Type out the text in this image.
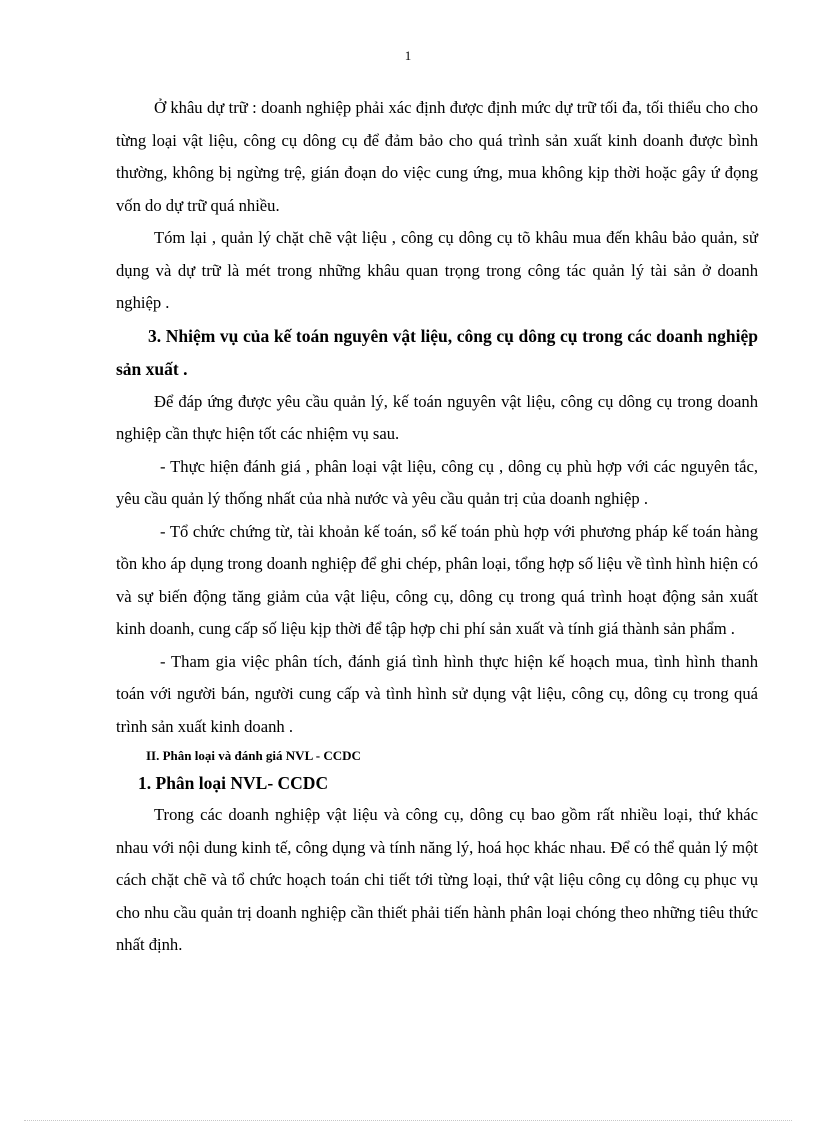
1

Ở khâu dự trữ : doanh nghiệp phải xác định được định mức dự trữ tối đa, tối thiểu cho cho từng loại vật liệu, công cụ dông cụ để đảm bảo cho quá trình sản xuất kinh doanh được bình thường, không bị ngừng trệ, gián đoạn do việc cung ứng, mua không kịp thời hoặc gây ứ đọng vốn do dự trữ quá nhiều.

Tóm lại , quản lý chặt chẽ vật liệu , công cụ dông cụ tõ khâu mua đến khâu bảo quản, sử dụng và dự trữ là mét trong những khâu quan trọng trong công tác quản lý tài sản ở doanh nghiệp .

3. Nhiệm vụ của kế toán nguyên vật liệu, công cụ dông cụ trong các doanh nghiệp sản xuất .

Để đáp ứng được yêu cầu quản lý, kế toán nguyên vật liệu, công cụ dông cụ trong doanh nghiệp cần thực hiện tốt các nhiệm vụ sau.

- Thực hiện đánh giá , phân loại vật liệu, công cụ , dông cụ phù hợp với các nguyên tắc, yêu cầu quản lý thống nhất của nhà nước và yêu cầu quản trị của doanh nghiệp .

- Tổ chức chứng từ, tài khoản kế toán, sổ kế toán phù hợp với phương pháp kế toán hàng tồn kho áp dụng trong doanh nghiệp để ghi chép, phân loại, tổng hợp số liệu về tình hình hiện có và sự biến động tăng giảm của vật liệu, công cụ, dông cụ trong quá trình hoạt động sản xuất kinh doanh, cung cấp số liệu kịp thời để tập hợp chi phí sản xuất và tính giá thành sản phẩm .

- Tham gia việc phân tích, đánh giá tình hình thực hiện kế hoạch mua, tình hình thanh toán với người bán, người cung cấp và tình hình sử dụng vật liệu, công cụ, dông cụ trong quá trình sản xuất kinh doanh .

II. Phân loại và đánh giá NVL - CCDC

1. Phân loại NVL- CCDC

Trong các doanh nghiệp vật liệu và công cụ, dông cụ bao gồm rất nhiều loại, thứ khác nhau với nội dung kinh tế, công dụng và tính năng lý, hoá học khác nhau. Để có thể quản lý một cách chặt chẽ và tổ chức hoạch toán chi tiết tới từng loại, thứ vật liệu công cụ dông cụ phục vụ cho nhu cầu quản trị doanh nghiệp cần thiết phải tiến hành phân loại chóng theo những tiêu thức nhất định.
